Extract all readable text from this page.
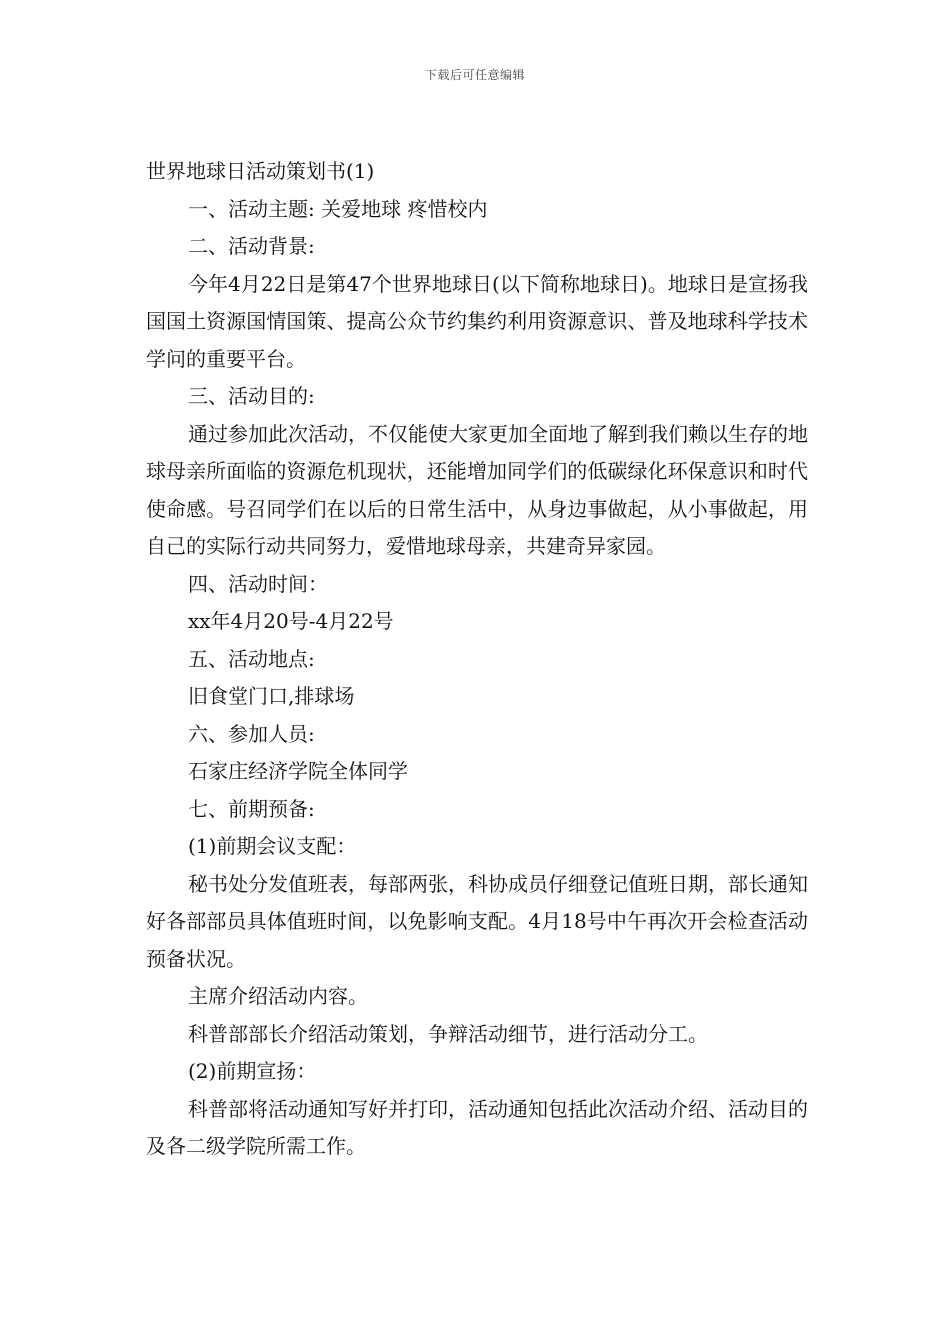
下载后可任意编辑

世界地球日活动策划书(1)

一、活动主题: 关爱地球 疼惜校内

二、活动背景:

今年4月22日是第47个世界地球日(以下简称地球日)。地球日是宣扬我国国土资源国情国策、提高公众节约集约利用资源意识、普及地球科学技术学问的重要平台。

三、活动目的:

通过参加此次活动，不仅能使大家更加全面地了解到我们赖以生存的地球母亲所面临的资源危机现状，还能增加同学们的低碳绿化环保意识和时代使命感。号召同学们在以后的日常生活中，从身边事做起，从小事做起，用自己的实际行动共同努力，爱惜地球母亲，共建奇异家园。

四、活动时间：

xx年4月20号-4月22号

五、活动地点:

旧食堂门口,排球场

六、参加人员:

石家庄经济学院全体同学

七、前期预备:

(1)前期会议支配：

秘书处分发值班表，每部两张，科协成员仔细登记值班日期，部长通知好各部部员具体值班时间，以免影响支配。4月18号中午再次开会检查活动预备状况。

主席介绍活动内容。

科普部部长介绍活动策划，争辩活动细节，进行活动分工。

(2)前期宣扬：

科普部将活动通知写好并打印，活动通知包括此次活动介绍、活动目的及各二级学院所需工作。
